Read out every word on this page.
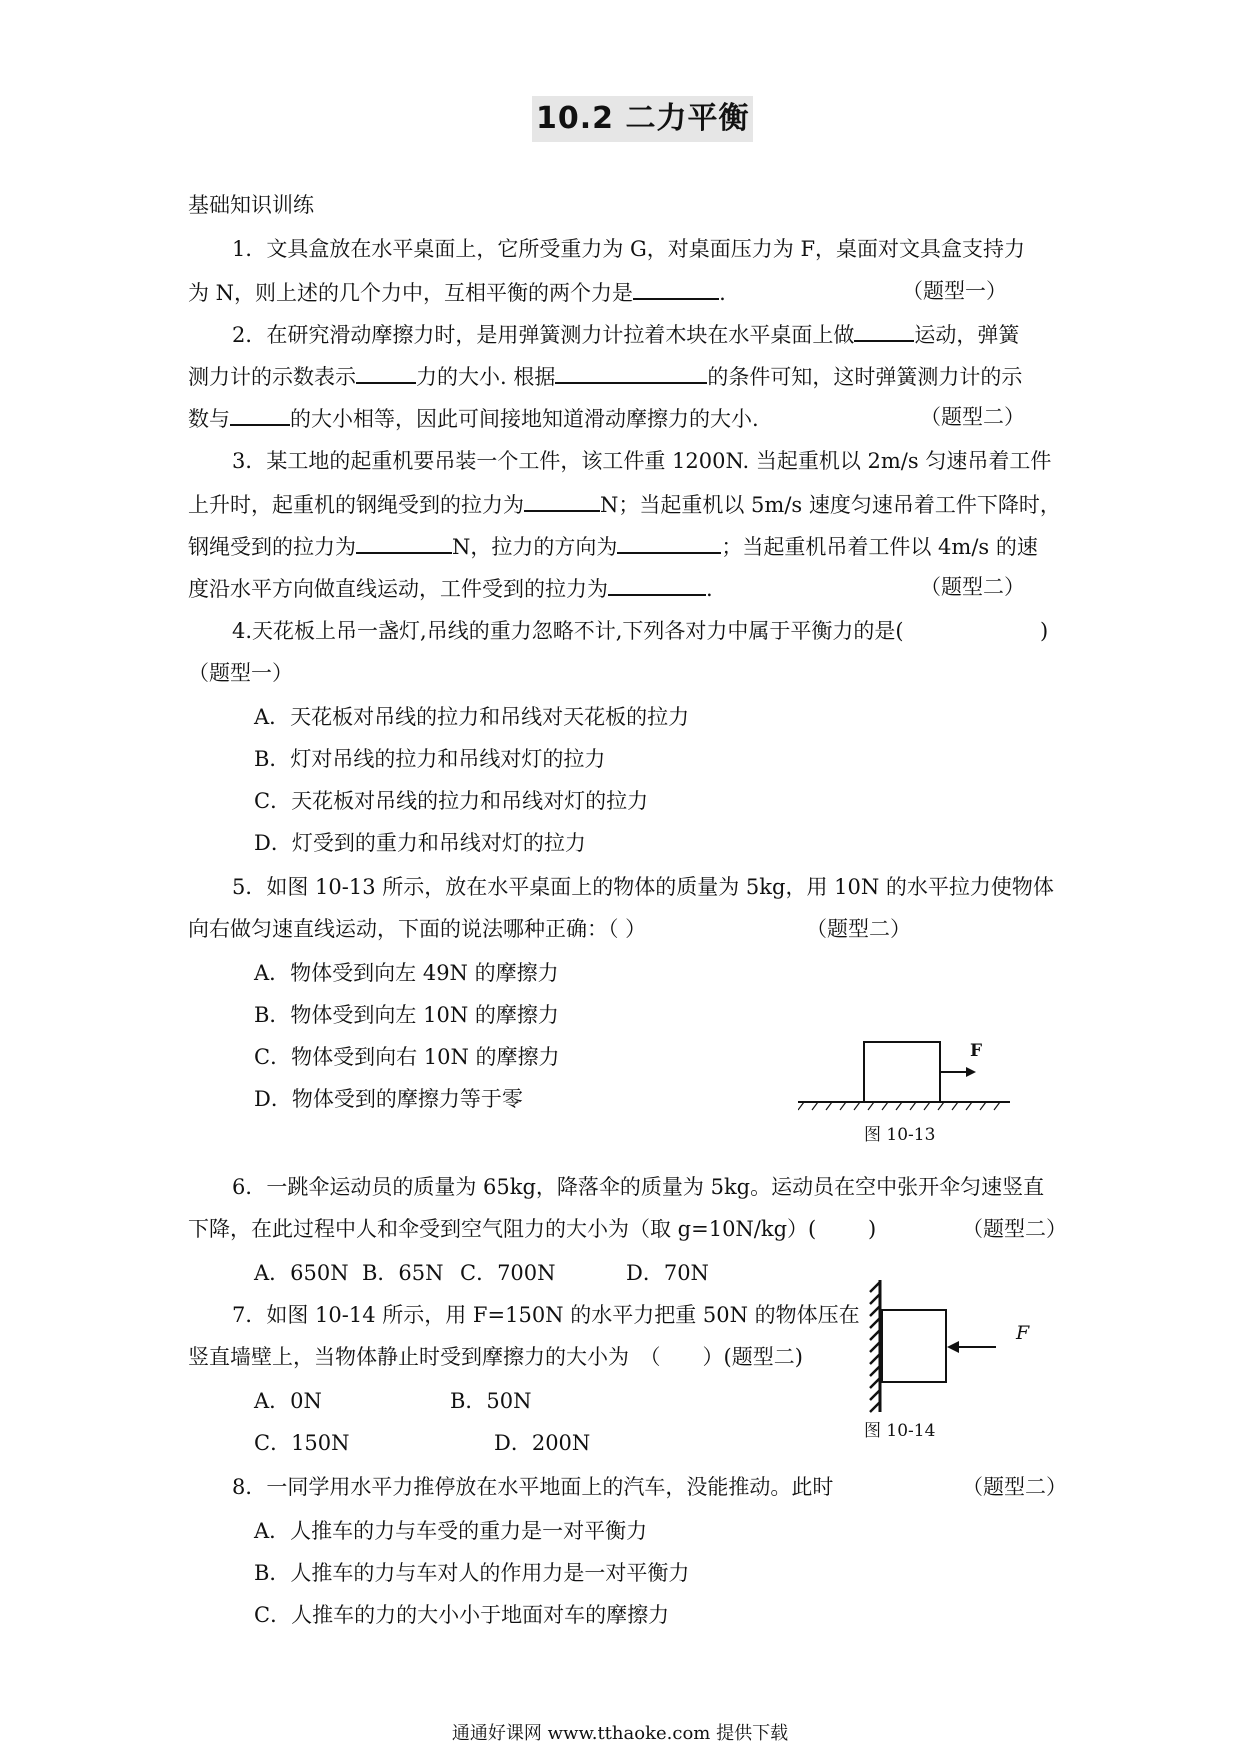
10.2 二力平衡
基础知识训练
1．文具盒放在水平桌面上，它所受重力为 G，对桌面压力为 F，桌面对文具盒支持力
为 N，则上述的几个力中，互相平衡的两个力是	.	（题型一）
2．在研究滑动摩擦力时，是用弹簧测力计拉着木块在水平桌面上做	运动，弹簧
测力计的示数表示	力的大小. 根据	的条件可知，这时弹簧测力计的示
数与	的大小相等，因此可间接地知道滑动摩擦力的大小.	（题型二）
3．某工地的起重机要吊装一个工件，该工件重 1200N. 当起重机以 2m/s 匀速吊着工件
上升时，起重机的钢绳受到的拉力为	N；当起重机以 5m/s 速度匀速吊着工件下降时，
钢绳受到的拉力为	N，拉力的方向为	；当起重机吊着工件以 4m/s 的速
度沿水平方向做直线运动，工件受到的拉力为	.	（题型二）
4.天花板上吊一盏灯,吊线的重力忽略不计,下列各对力中属于平衡力的是(	)
（题型一）
A．天花板对吊线的拉力和吊线对天花板的拉力
B．灯对吊线的拉力和吊线对灯的拉力
C．天花板对吊线的拉力和吊线对灯的拉力
D．灯受到的重力和吊线对灯的拉力
5．如图 10-13 所示，放在水平桌面上的物体的质量为 5kg，用 10N 的水平拉力使物体
向右做匀速直线运动，下面的说法哪种正确：（ ）	（题型二）
A．物体受到向左 49N 的摩擦力
B．物体受到向左 10N 的摩擦力
C．物体受到向右 10N 的摩擦力
D．物体受到的摩擦力等于零
F
图 10-13
6．一跳伞运动员的质量为 65kg，降落伞的质量为 5kg。运动员在空中张开伞匀速竖直
下降，在此过程中人和伞受到空气阻力的大小为（取 g=10N/kg）( )	（题型二）
A．650N B．65N C．700N	D．70N
7．如图 10-14 所示，用 F=150N 的水平力把重 50N 的物体压在
竖直墙壁上，当物体静止时受到摩擦力的大小为　（　　）(题型二)
A．0N	B．50N
C．150N	D．200N
F
图 10-14
8．一同学用水平力推停放在水平地面上的汽车，没能推动。此时	（题型二）
A．人推车的力与车受的重力是一对平衡力
B．人推车的力与车对人的作用力是一对平衡力
C．人推车的力的大小小于地面对车的摩擦力
通通好课网 www.tthaoke.com 提供下载
